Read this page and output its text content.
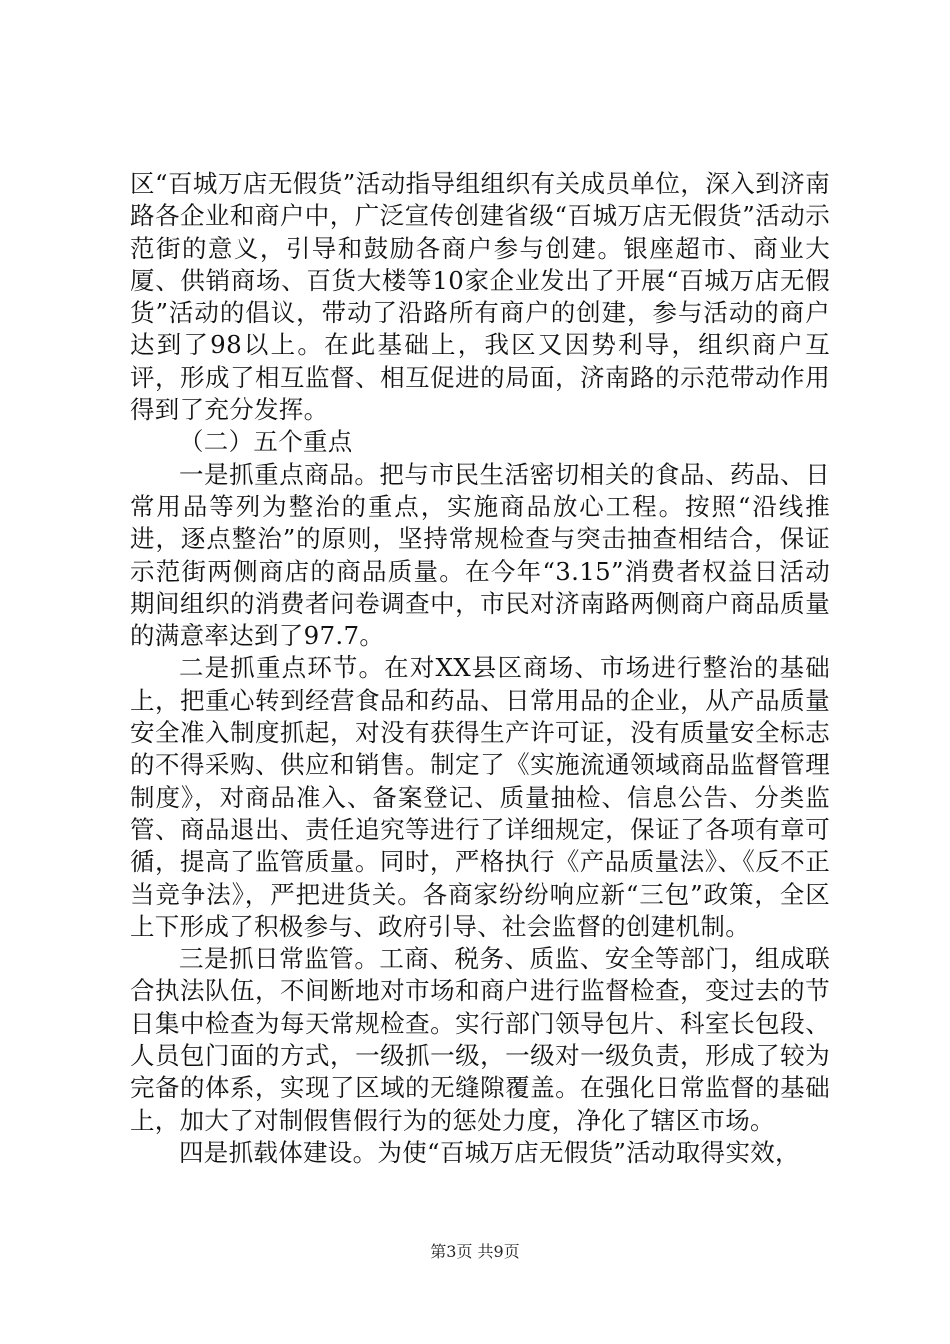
区“百城万店无假货”活动指导组组织有关成员单位，深入到济南路各企业和商户中，广泛宣传创建省级“百城万店无假货”活动示范街的意义，引导和鼓励各商户参与创建。银座超市、商业大厦、供销商场、百货大楼等10家企业发出了开展“百城万店无假货”活动的倡议，带动了沿路所有商户的创建，参与活动的商户达到了98以上。在此基础上，我区又因势利导，组织商户互评，形成了相互监督、相互促进的局面，济南路的示范带动作用得到了充分发挥。

（二）五个重点

一是抓重点商品。把与市民生活密切相关的食品、药品、日常用品等列为整治的重点，实施商品放心工程。按照“沿线推进，逐点整治”的原则，坚持常规检查与突击抽查相结合，保证示范街两侧商店的商品质量。在今年“3.15”消费者权益日活动期间组织的消费者问卷调查中，市民对济南路两侧商户商品质量的满意率达到了97.7。

二是抓重点环节。在对XX县区商场、市场进行整治的基础上，把重心转到经营食品和药品、日常用品的企业，从产品质量安全准入制度抓起，对没有获得生产许可证，没有质量安全标志的不得采购、供应和销售。制定了《实施流通领域商品监督管理制度》，对商品准入、备案登记、质量抽检、信息公告、分类监管、商品退出、责任追究等进行了详细规定，保证了各项有章可循，提高了监管质量。同时，严格执行《产品质量法》、《反不正当竞争法》，严把进货关。各商家纷纷响应新“三包”政策，全区上下形成了积极参与、政府引导、社会监督的创建机制。

三是抓日常监管。工商、税务、质监、安全等部门，组成联合执法队伍，不间断地对市场和商户进行监督检查，变过去的节日集中检查为每天常规检查。实行部门领导包片、科室长包段、人员包门面的方式，一级抓一级，一级对一级负责，形成了较为完备的体系，实现了区域的无缝隙覆盖。在强化日常监督的基础上，加大了对制假售假行为的惩处力度，净化了辖区市场。

四是抓载体建设。为使“百城万店无假货”活动取得实效，

第3页 共9页
